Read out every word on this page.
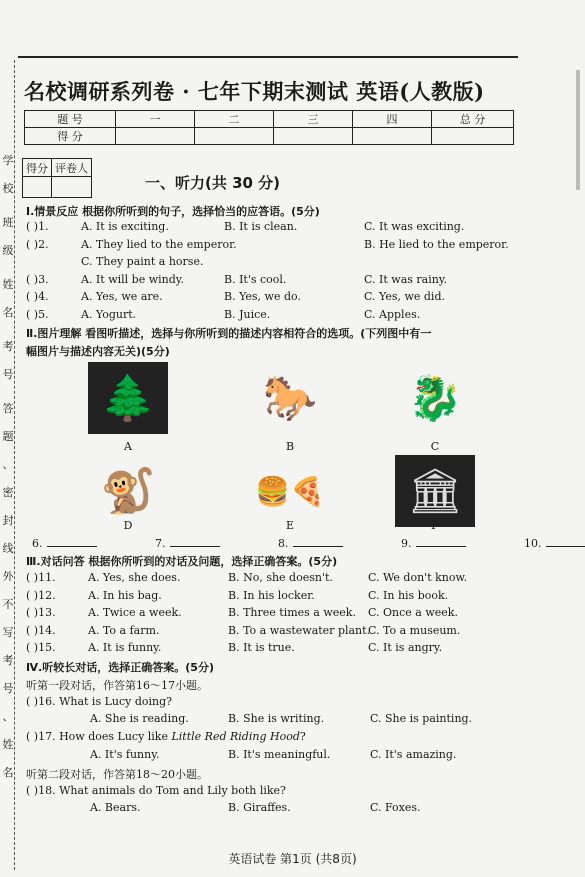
学
校
班
级
姓
名
考
号
答
题
、
密
封
线
外
不
写
考
号
、
姓
名
名校调研系列卷 · 七年下期末测试 英语(人教版)
题 号	一	二	三	四	总 分
得 分					
得分	评卷人

一、听力(共 30 分)
Ⅰ.情景反应 根据你所听到的句子，选择恰当的应答语。(5分)
( )1.	A. It is exciting.	B. It is clean.	C. It was exciting.
( )2.	A. They lied to the emperor.	B. He lied to the emperor.
C. They paint a horse.
( )3.	A. It will be windy.	B. It's cool.	C. It was rainy.
( )4.	A. Yes, we are.	B. Yes, we do.	C. Yes, we did.
( )5.	A. Yogurt.	B. Juice.	C. Apples.
Ⅱ.图片理解 看图听描述，选择与你所听到的描述内容相符合的选项。(下列图中有一
幅图片与描述内容无关)(5分)
🌲
A
🐎
B
🐉
C
🐒
D
🍔🍕
E
🏛
F
6.	7.	8.	9.	10.
Ⅲ.对话问答 根据你所听到的对话及问题，选择正确答案。(5分)
( )11.	A. Yes, she does.	B. No, she doesn't.	C. We don't know.
( )12.	A. In his bag.	B. In his locker.	C. In his book.
( )13.	A. Twice a week.	B. Three times a week. C. Once a week.
( )14.	A. To a farm.	B. To a wastewater plant.
C. To a museum.
( )15.	A. It is funny.	B. It is true.	C. It is angry.
Ⅳ.听较长对话，选择正确答案。(5分)
听第一段对话，作答第16～17小题。
( )16. What is Lucy doing?
A. She is reading.	B. She is writing.	C. She is painting.
( )17. How does Lucy like Little Red Riding Hood?
A. It's funny.	B. It's meaningful.	C. It's amazing.
听第二段对话，作答第18～20小题。
( )18. What animals do Tom and Lily both like?
A. Bears.	B. Giraffes.	C. Foxes.
英语试卷 第1页 (共8页)
